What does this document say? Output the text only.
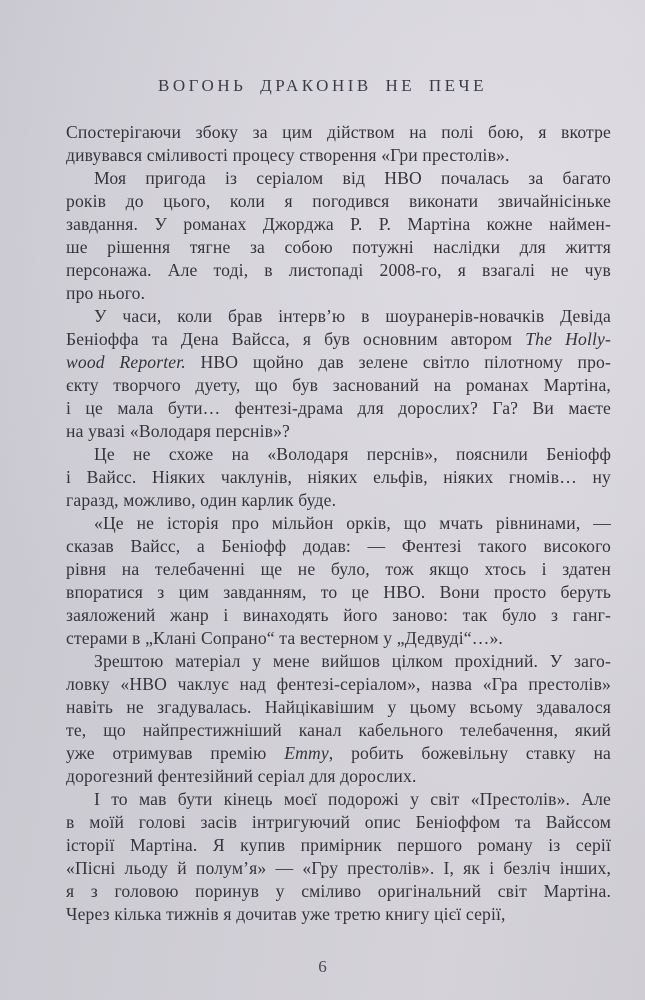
ВОГОНЬ ДРАКОНІВ НЕ ПЕЧЕ
Спостерігаючи збоку за цим дійством на полі бою, я вкотре
дивувався сміливості процесу створення «Гри престолів».
Моя пригода із серіалом від HBO почалась за багато
років до цього, коли я погодився виконати звичайнісіньке
завдання. У романах Джорджа Р. Р. Мартіна кожне наймен-
ше рішення тягне за собою потужні наслідки для життя
персонажа. Але тоді, в листопаді 2008-го, я взагалі не чув
про нього.
У часи, коли брав інтерв’ю в шоуранерів-новачків Девіда
Беніоффа та Дена Вайсса, я був основним автором The Holly-
wood Reporter. HBO щойно дав зелене світло пілотному про-
єкту творчого дуету, що був заснований на романах Мартіна,
і це мала бути… фентезі-драма для дорослих? Га? Ви маєте
на увазі «Володаря перснів»?
Це не схоже на «Володаря перснів», пояснили Беніофф
і Вайсс. Ніяких чаклунів, ніяких ельфів, ніяких гномів… ну
гаразд, можливо, один карлик буде.
«Це не історія про мільйон орків, що мчать рівнинами, —
сказав Вайсс, а Беніофф додав: — Фентезі такого високого
рівня на телебаченні ще не було, тож якщо хтось і здатен
впоратися з цим завданням, то це HBO. Вони просто беруть
заяложений жанр і винаходять його заново: так було з ганг-
стерами в „Клані Сопрано“ та вестерном у „Дедвуді“…».
Зрештою матеріал у мене вийшов цілком прохідний. У заго-
ловку «HBO чаклує над фентезі-серіалом», назва «Гра престолів»
навіть не згадувалась. Найцікавішим у цьому всьому здавалося
те, що найпрестижніший канал кабельного телебачення, який
уже отримував премію Emmy, робить божевільну ставку на
дорогезний фентезійний серіал для дорослих.
І то мав бути кінець моєї подорожі у світ «Престолів». Але
в моїй голові засів інтригуючий опис Беніоффом та Вайссом
історії Мартіна. Я купив примірник першого роману із серії
«Пісні льоду й полум’я» — «Гру престолів». І, як і безліч інших,
я з головою поринув у сміливо оригінальний світ Мартіна.
Через кілька тижнів я дочитав уже третю книгу цієї серії,
6
